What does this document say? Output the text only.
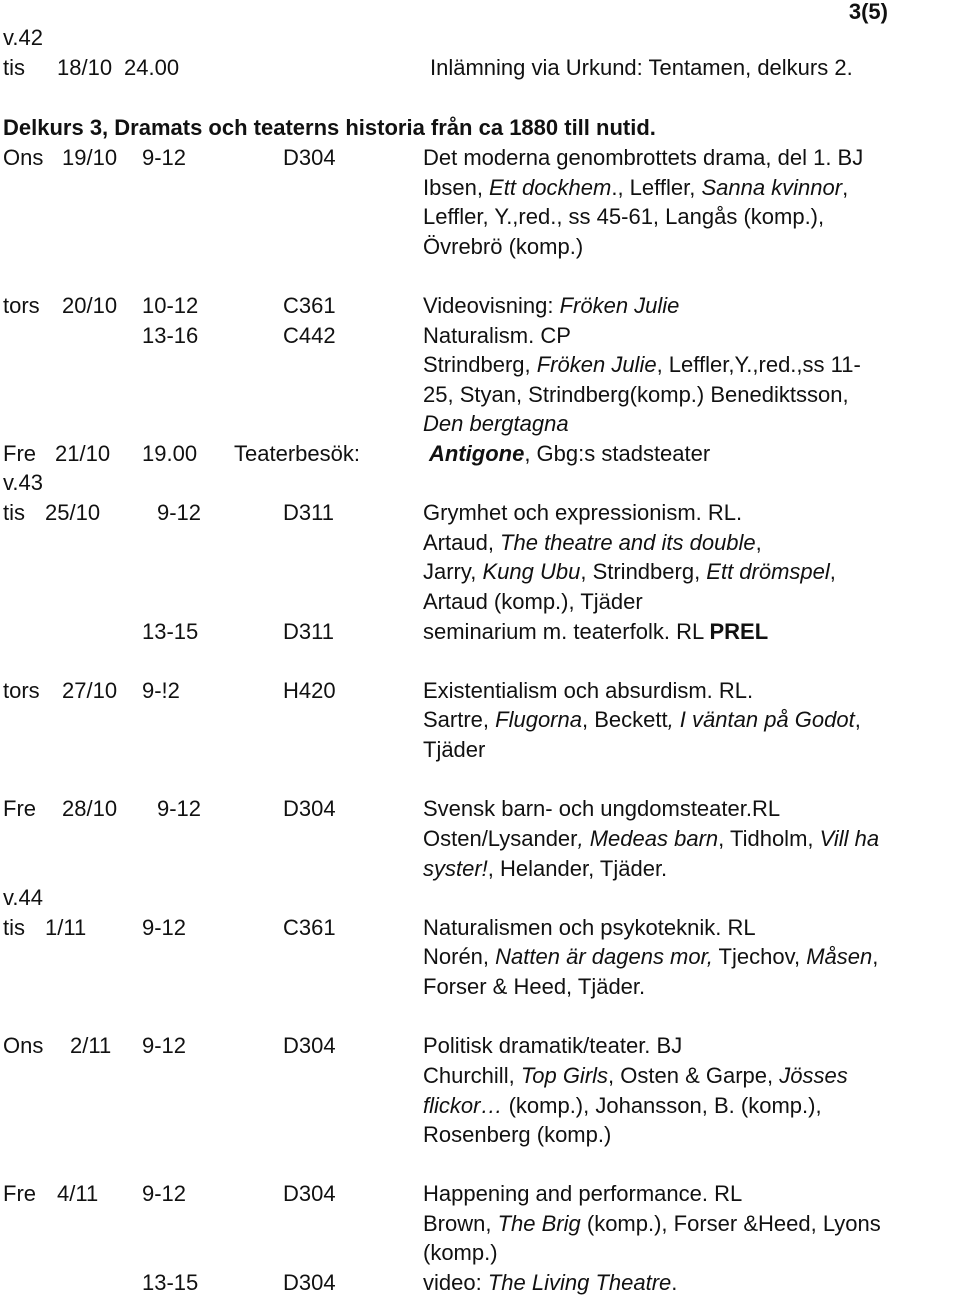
3(5)
v.42
tis 18/10 24.00	Inlämning via Urkund: Tentamen, delkurs 2.
Delkurs 3, Dramats och teaterns historia från ca 1880 till nutid.
Ons 19/10 9-12	D304	Det moderna genombrottets drama, del 1. BJ
Ibsen, Ett dockhem., Leffler, Sanna kvinnor,
Leffler, Y.,red., ss 45-61, Langås (komp.),
Övrebrö (komp.)
tors 20/10 10-12	C361	Videovisning: Fröken Julie
13-16	C442	Naturalism. CP
Strindberg, Fröken Julie, Leffler,Y.,red.,ss 11-
25, Styan, Strindberg(komp.) Benediktsson,
Den bergtagna
Fre 21/10 19.00 Teaterbesök:	Antigone, Gbg:s stadsteater
v.43
tis 25/10	9-12	D311	Grymhet och expressionism. RL.
Artaud, The theatre and its double,
Jarry, Kung Ubu, Strindberg, Ett drömspel,
Artaud (komp.), Tjäder
13-15	D311	seminarium m. teaterfolk. RL PREL
tors 27/10 9-!2	H420	Existentialism och absurdism. RL.
Sartre, Flugorna, Beckett, I väntan på Godot,
Tjäder
Fre 28/10 9-12	D304	Svensk barn- och ungdomsteater.RL
Osten/Lysander, Medeas barn, Tidholm, Vill ha
syster!, Helander, Tjäder.
v.44
tis 1/11	9-12	C361	Naturalismen och psykoteknik. RL
Norén, Natten är dagens mor, Tjechov, Måsen,
Forser & Heed, Tjäder.
Ons 2/11 9-12	D304	Politisk dramatik/teater. BJ
Churchill, Top Girls, Osten & Garpe, Jösses
flickor… (komp.), Johansson, B. (komp.),
Rosenberg (komp.)
Fre 4/11 9-12	D304	Happening and performance. RL
Brown, The Brig (komp.), Forser &Heed, Lyons
(komp.)
13-15	D304	video: The Living Theatre.
